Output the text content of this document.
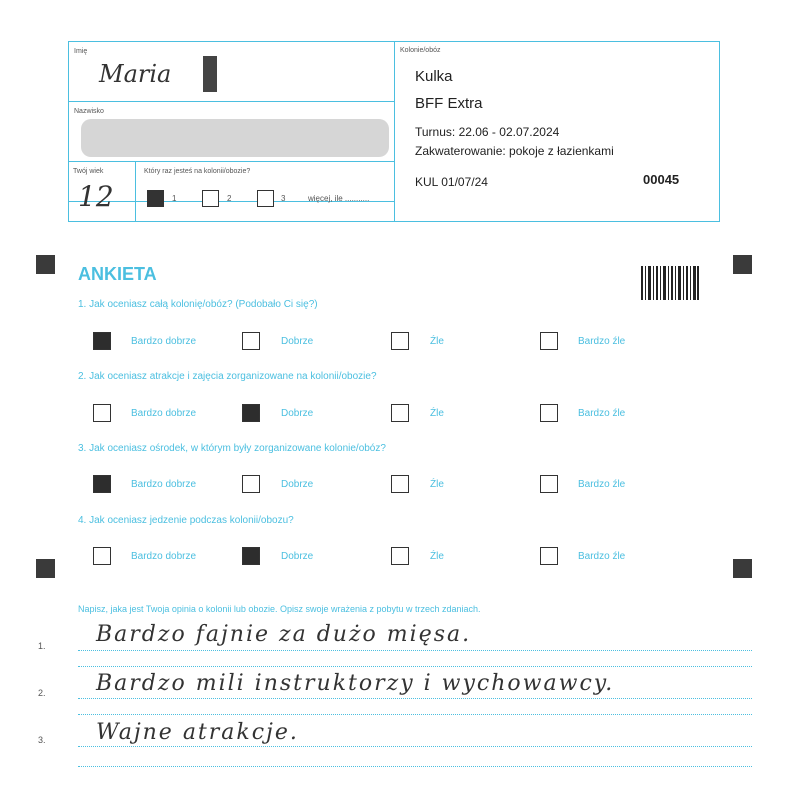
Imię
Maria
Nazwisko
Twój wiek
12
Który raz jesteś na kolonii/obozie?
1	2	3	więcej, ile ...........
Kolonie/obóz
Kulka
BFF Extra
Turnus: 22.06 - 02.07.2024
Zakwaterowanie: pokoje z łazienkami
KUL 01/07/24	00045
ANKIETA
1. Jak oceniasz całą kolonię/obóz? (Podobało Ci się?)
Bardzo dobrze	Dobrze	Źle	Bardzo źle
2. Jak oceniasz atrakcje i zajęcia zorganizowane na kolonii/obozie?
Bardzo dobrze	Dobrze	Źle	Bardzo źle
3. Jak oceniasz ośrodek, w którym były zorganizowane kolonie/obóz?
Bardzo dobrze	Dobrze	Źle	Bardzo źle
4. Jak oceniasz jedzenie podczas kolonii/obozu?
Bardzo dobrze	Dobrze	Źle	Bardzo źle
Napisz, jaka jest Twoja opinia o kolonii lub obozie. Opisz swoje wrażenia z pobytu w trzech zdaniach.
1. Bardzo fajnie za dużo mięsa.
2. Bardzo mili instruktorzy i wychowawcy.
3. Wajne atrakcje.
